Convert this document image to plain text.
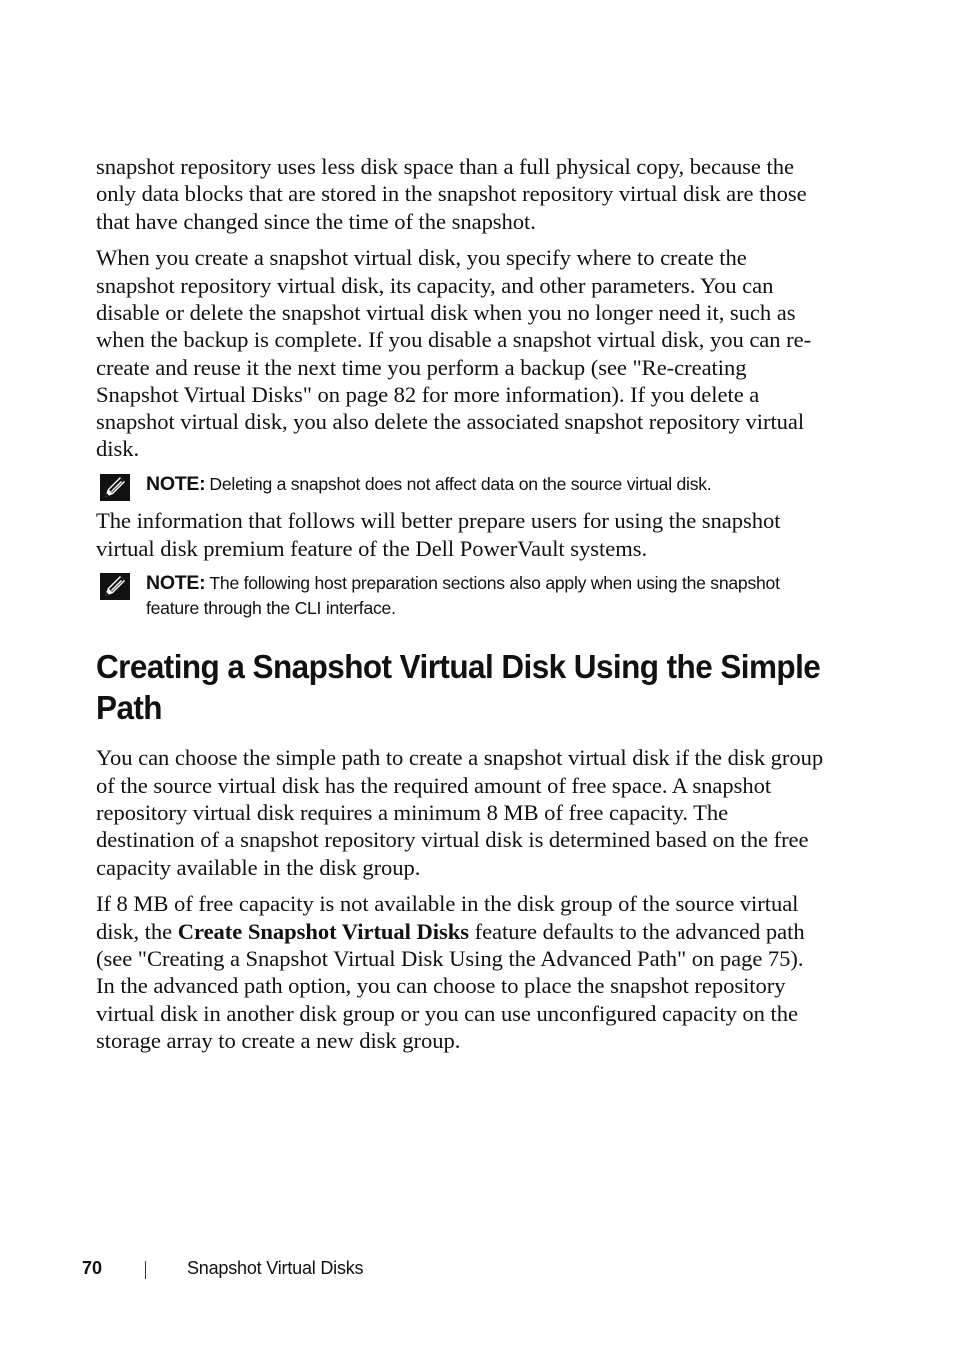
snapshot repository uses less disk space than a full physical copy, because the only data blocks that are stored in the snapshot repository virtual disk are those that have changed since the time of the snapshot.

When you create a snapshot virtual disk, you specify where to create the snapshot repository virtual disk, its capacity, and other parameters. You can disable or delete the snapshot virtual disk when you no longer need it, such as when the backup is complete. If you disable a snapshot virtual disk, you can re-create and reuse it the next time you perform a backup (see "Re-creating Snapshot Virtual Disks" on page 82 for more information). If you delete a snapshot virtual disk, you also delete the associated snapshot repository virtual disk.

NOTE: Deleting a snapshot does not affect data on the source virtual disk.

The information that follows will better prepare users for using the snapshot virtual disk premium feature of the Dell PowerVault systems.

NOTE: The following host preparation sections also apply when using the snapshot feature through the CLI interface.
Creating a Snapshot Virtual Disk Using the Simple Path

You can choose the simple path to create a snapshot virtual disk if the disk group of the source virtual disk has the required amount of free space. A snapshot repository virtual disk requires a minimum 8 MB of free capacity. The destination of a snapshot repository virtual disk is determined based on the free capacity available in the disk group.

If 8 MB of free capacity is not available in the disk group of the source virtual disk, the Create Snapshot Virtual Disks feature defaults to the advanced path (see "Creating a Snapshot Virtual Disk Using the Advanced Path" on page 75). In the advanced path option, you can choose to place the snapshot repository virtual disk in another disk group or you can use unconfigured capacity on the storage array to create a new disk group.

70	Snapshot Virtual Disks
